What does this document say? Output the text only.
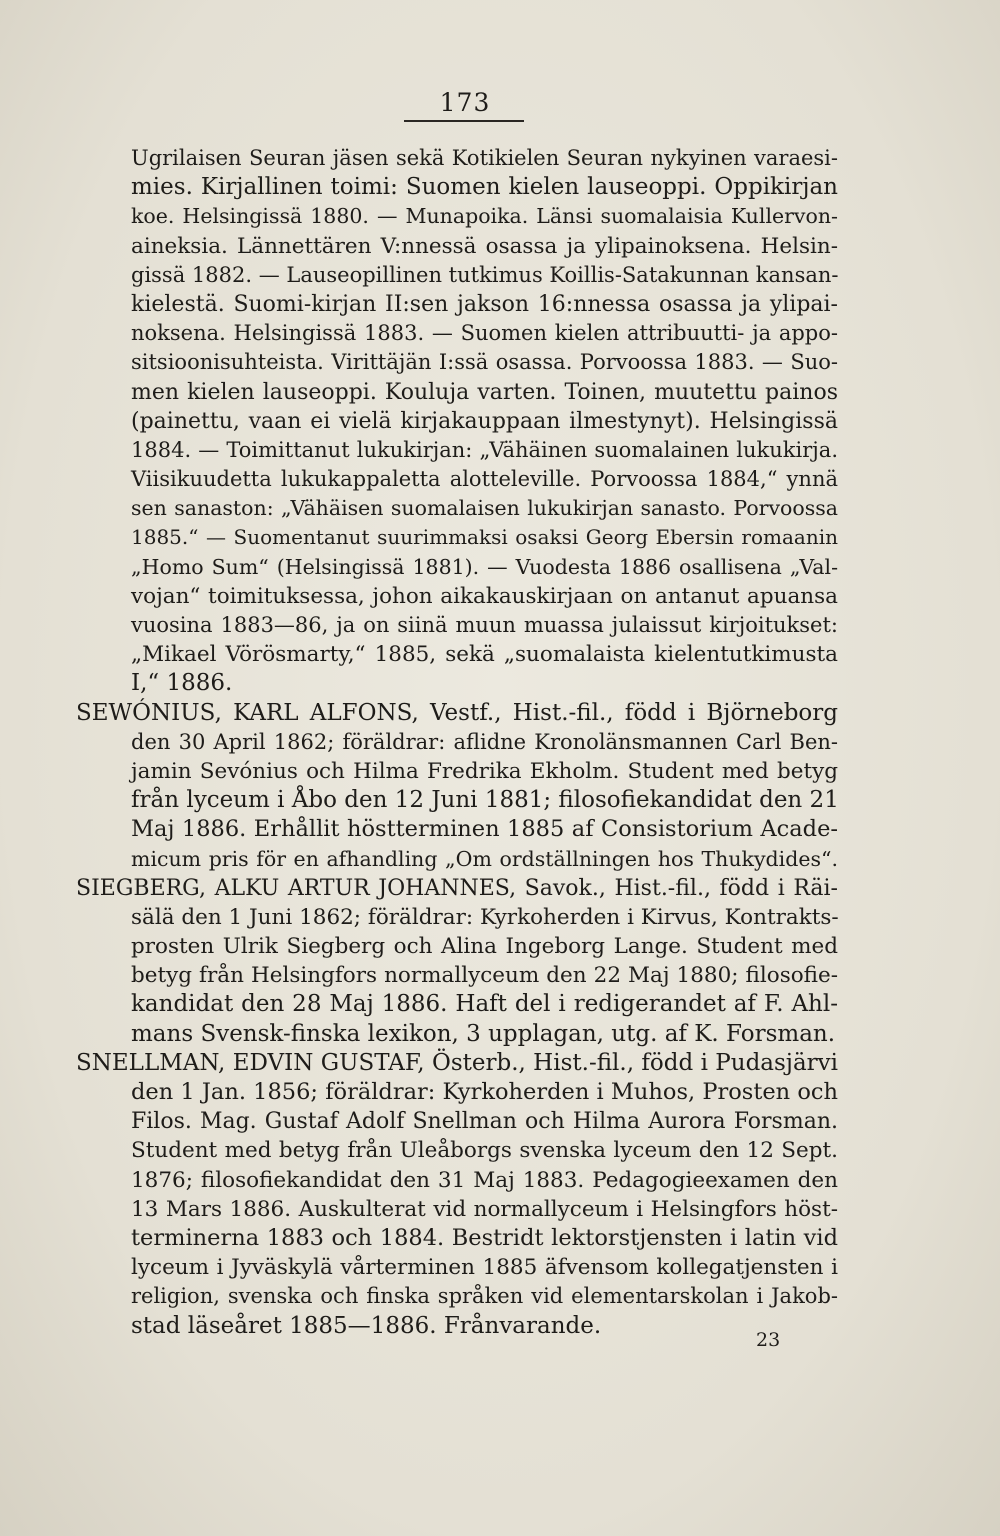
173
Ugrilaisen Seuran jäsen sekä Kotikielen Seuran nykyinen varaesi-
mies. Kirjallinen toimi: Suomen kielen lauseoppi. Oppikirjan
koe. Helsingissä 1880. — Munapoika. Länsi suomalaisia Kullervon-
aineksia. Lännettären V:nnessä osassa ja ylipainoksena. Helsin-
gissä 1882. — Lauseopillinen tutkimus Koillis-Satakunnan kansan-
kielestä. Suomi-kirjan II:sen jakson 16:nnessa osassa ja ylipai-
noksena. Helsingissä 1883. — Suomen kielen attribuutti- ja appo-
sitsioonisuhteista. Virittäjän I:ssä osassa. Porvoossa 1883. — Suo-
men kielen lauseoppi. Kouluja varten. Toinen, muutettu painos
(painettu, vaan ei vielä kirjakauppaan ilmestynyt). Helsingissä
1884. — Toimittanut lukukirjan: „Vähäinen suomalainen lukukirja.
Viisikuudetta lukukappaletta alotteleville. Porvoossa 1884,“ ynnä
sen sanaston: „Vähäisen suomalaisen lukukirjan sanasto. Porvoossa
1885.“ — Suomentanut suurimmaksi osaksi Georg Ebersin romaanin
„Homo Sum“ (Helsingissä 1881). — Vuodesta 1886 osallisena „Val-
vojan“ toimituksessa, johon aikakauskirjaan on antanut apuansa
vuosina 1883—86, ja on siinä muun muassa julaissut kirjoitukset:
„Mikael Vörösmarty,“ 1885, sekä „suomalaista kielentutkimusta
I,“ 1886.
SEWÓNIUS, KARL ALFONS, Vestf., Hist.-fil., född i Björneborg
den 30 April 1862; föräldrar: aflidne Kronolänsmannen Carl Ben-
jamin Sevónius och Hilma Fredrika Ekholm. Student med betyg
från lyceum i Åbo den 12 Juni 1881; filosofiekandidat den 21
Maj 1886. Erhållit höstterminen 1885 af Consistorium Acade-
micum pris för en afhandling „Om ordställningen hos Thukydides“.
SIEGBERG, ALKU ARTUR JOHANNES, Savok., Hist.-fil., född i Räi-
sälä den 1 Juni 1862; föräldrar: Kyrkoherden i Kirvus, Kontrakts-
prosten Ulrik Siegberg och Alina Ingeborg Lange. Student med
betyg från Helsingfors normallyceum den 22 Maj 1880; filosofie-
kandidat den 28 Maj 1886. Haft del i redigerandet af F. Ahl-
mans Svensk-finska lexikon, 3 upplagan, utg. af K. Forsman.
SNELLMAN, EDVIN GUSTAF, Österb., Hist.-fil., född i Pudasjärvi
den 1 Jan. 1856; föräldrar: Kyrkoherden i Muhos, Prosten och
Filos. Mag. Gustaf Adolf Snellman och Hilma Aurora Forsman.
Student med betyg från Uleåborgs svenska lyceum den 12 Sept.
1876; filosofiekandidat den 31 Maj 1883. Pedagogieexamen den
13 Mars 1886. Auskulterat vid normallyceum i Helsingfors höst-
terminerna 1883 och 1884. Bestridt lektorstjensten i latin vid
lyceum i Jyväskylä vårterminen 1885 äfvensom kollegatjensten i
religion, svenska och finska språken vid elementarskolan i Jakob-
stad läseåret 1885—1886. Frånvarande.
23
